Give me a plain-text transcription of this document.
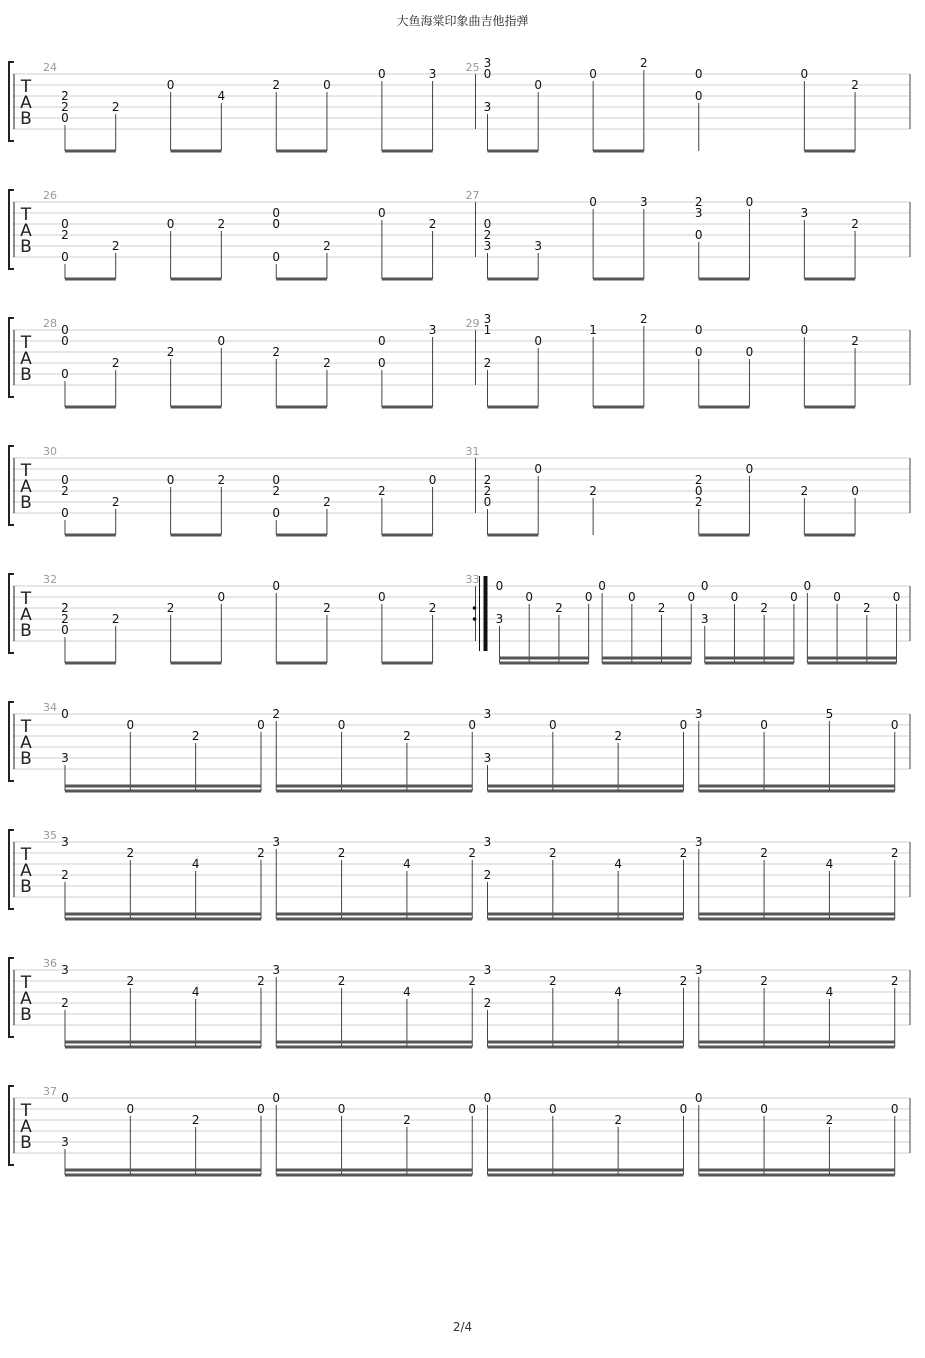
大鱼海棠印象曲吉他指弹
T
A
B
24
2
2
0
2
0
4
2	0
0	3	25 3
0
3
0
0
2
0
0
0
2
T
A
B
26
0
2
0
2
0	2
0
0
0
2
0
2
27
0
2
3	3
0	3	2
3
0
0
3
2
T
A
B
28 0
0
0
2
2
0
2
2
0
0
3	29 3
1
2
0
1
2
0
0	0
0
2
T
A
B
30
0
2
0
2
0	2	0
2
0
2
2
0
31
2
2
0
0
2
2
0
2
0
2	0
T
A
B
32
2
2
0
2
2
0
0
2
0
2
33 0
3
0
2
0
0
0
2
0
0
3
0
2
0
0
0
2
0
T
A
B
34 0
3
0
2
0
2
0
2
0
3
3
0
2
0
3
0
5
0
T
A
B
35 3
2
2
4
2
3
2
4
2
3
2
2
4
2
3
2
4
2
T
A
B
36 3
2
2
4
2
3
2
4
2
3
2
2
4
2
3
2
4
2
T
A
B
37 0
3
0
2
0
0
0
2
0
0
0
2
0
0
0
2
0
2/4
